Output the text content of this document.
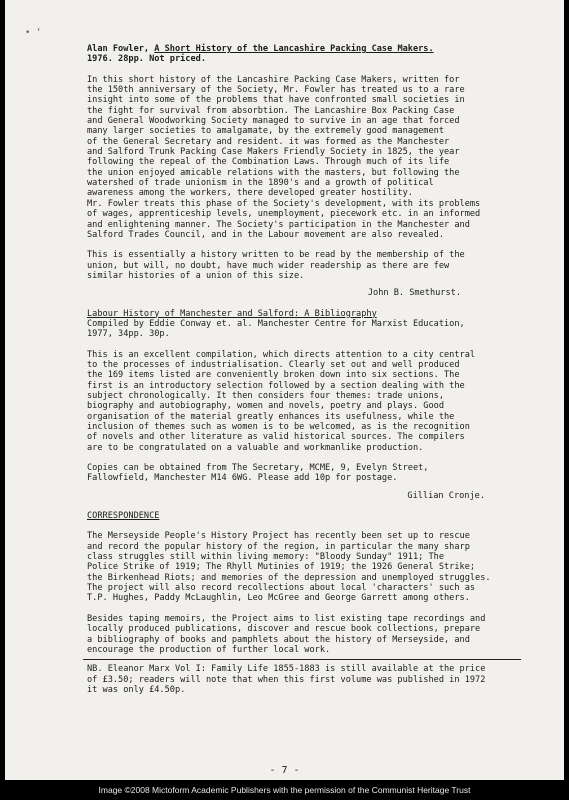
• ‘

Alan Fowler, A Short History of the Lancashire Packing Case Makers.

1976. 28pp. Not priced.

In this short history of the Lancashire Packing Case Makers, written for
the 150th anniversary of the Society, Mr. Fowler has treated us to a rare
insight into some of the problems that have confronted small societies in
the fight for survival from absorbtion. The Lancashire Box Packing Case
and General Woodworking Society managed to survive in an age that forced
many larger societies to amalgamate, by the extremely good management
of the General Secretary and resident. it was formed as the Manchester
and Salford Trunk Packing Case Makers Friendly Society in 1825, the year
following the repeal of the Combination Laws. Through much of its life
the union enjoyed amicable relations with the masters, but following the
watershed of trade unionism in the 1890's and a growth of political
awareness among the workers, there developed greater hostility.
Mr. Fowler treats this phase of the Society's development, with its problems
of wages, apprenticeship levels, unemployment, piecework etc. in an informed
and enlightening manner. The Society's participation in the Manchester and
Salford Trades Council, and in the Labour movement are also revealed.

This is essentially a history written to be read by the membership of the
union, but will, no doubt, have much wider readership as there are few
similar histories of a union of this size.

John B. Smethurst.

Labour History of Manchester and Salford: A Bibliography

Compiled by Eddie Conway et. al. Manchester Centre for Marxist Education,
1977, 34pp. 30p.

This is an excellent compilation, which directs attention to a city central
to the processes of industrialisation. Clearly set out and well produced
the 169 items listed are conveniently broken down into six sections. The
first is an introductory selection followed by a section dealing with the
subject chronologically. It then considers four themes: trade unions,
biography and autobiography, women and novels, poetry and plays. Good
organisation of the material greatly enhances its usefulness, while the
inclusion of themes such as women is to be welcomed, as is the recognition
of novels and other literature as valid historical sources. The compilers
are to be congratulated on a valuable and workmanlike production.

Copies can be obtained from The Secretary, MCME, 9, Evelyn Street,
Fallowfield, Manchester M14 6WG. Please add 10p for postage.

Gillian Cronje.

CORRESPONDENCE

The Merseyside People's History Project has recently been set up to rescue
and record the popular history of the region, in particular the many sharp
class struggles still within living memory: "Bloody Sunday" 1911; The
Police Strike of 1919; The Rhyll Mutinies of 1919; the 1926 General Strike;
the Birkenhead Riots; and memories of the depression and unemployed struggles.
The project will also record recollections about local 'characters' such as
T.P. Hughes, Paddy McLaughlin, Leo McGree and George Garrett among others.

Besides taping memoirs, the Project aims to list existing tape recordings and
locally produced publications, discover and rescue book collections, prepare
a bibliography of books and pamphlets about the history of Merseyside, and
encourage the production of further local work.

NB. Eleanor Marx Vol I: Family Life 1855-1883 is still available at the price
of £3.50; readers will note that when this first volume was published in 1972
it was only £4.50p.

- 7 -
Image ©2008 Mictoform Academic Publishers with the permission of the Communist Heritage Trust
